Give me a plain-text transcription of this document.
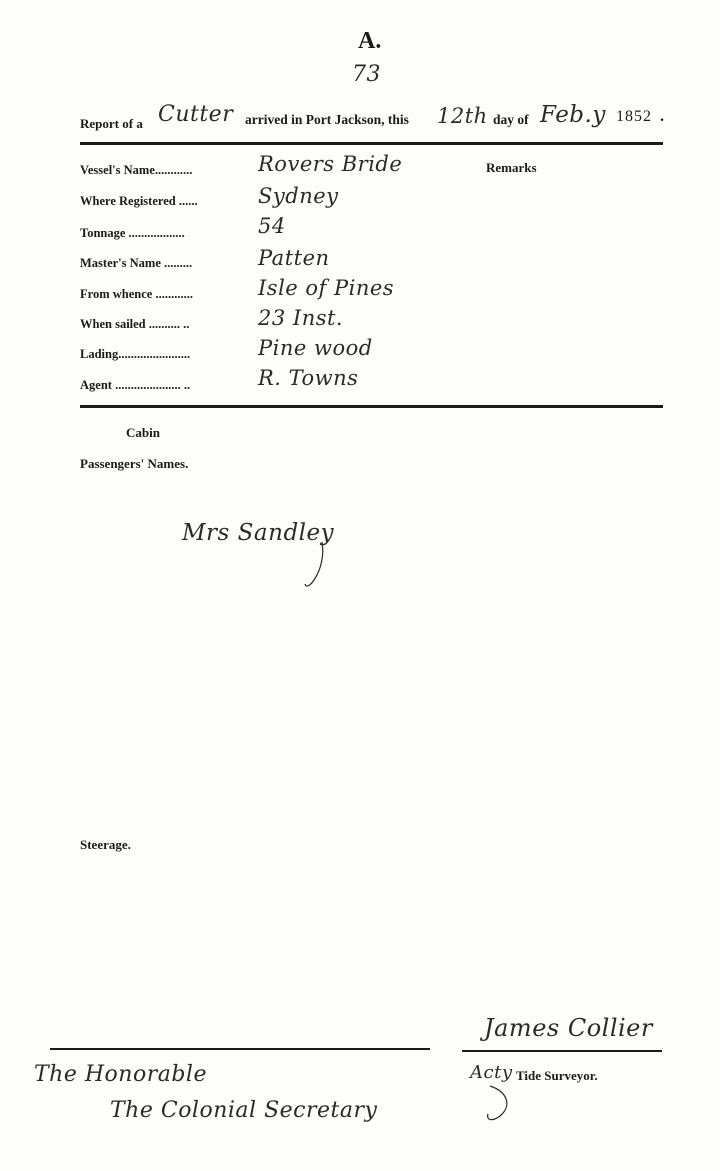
A.
73
Report of a Cutter arrived in Port Jackson, this 12th day of Feb.y 1852 .
Remarks
Vessel's Name............	Rovers Bride
Where Registered ......	Sydney
Tonnage ..................	54
Master's Name .........	Patten
From whence ............	Isle of Pines
When sailed .......... ..	23 Inst.
Lading.......................	Pine wood
Agent ..................... ..	R. Towns
Cabin
Passengers' Names.
Mrs Sandley
Steerage.
James Collier
Acty Tide Surveyor.
The Honorable
The Colonial Secretary
